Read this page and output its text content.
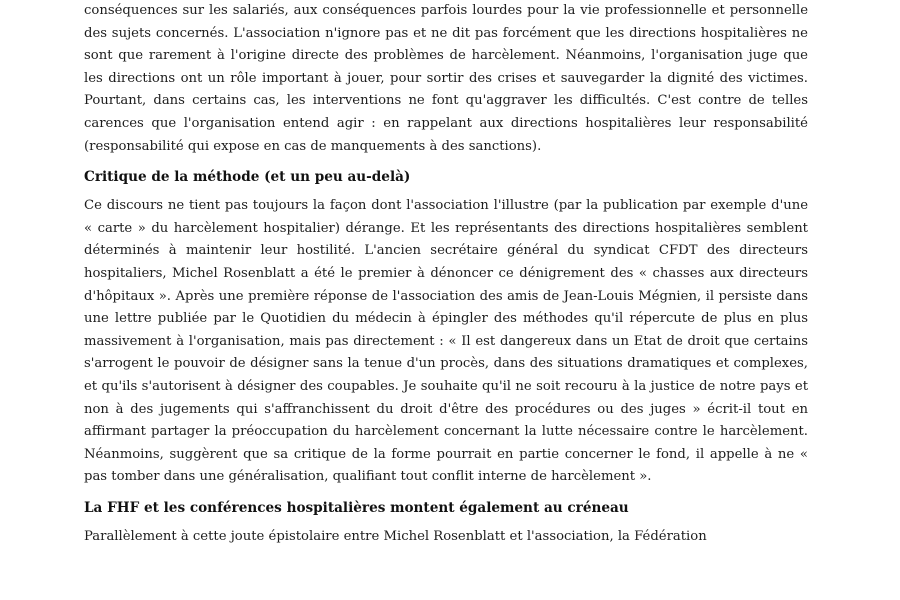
conséquences sur les salariés, aux conséquences parfois lourdes pour la vie professionnelle et personnelle des sujets concernés. L'association n'ignore pas et ne dit pas forcément que les directions hospitalières ne sont que rarement à l'origine directe des problèmes de harcèlement. Néanmoins, l'organisation juge que les directions ont un rôle important à jouer, pour sortir des crises et sauvegarder la dignité des victimes. Pourtant, dans certains cas, les interventions ne font qu'aggraver les difficultés. C'est contre de telles carences que l'organisation entend agir : en rappelant aux directions hospitalières leur responsabilité (responsabilité qui expose en cas de manquements à des sanctions).

Critique de la méthode (et un peu au-delà)

Ce discours ne tient pas toujours la façon dont l'association l'illustre (par la publication par exemple d'une « carte » du harcèlement hospitalier) dérange. Et les représentants des directions hospitalières semblent déterminés à maintenir leur hostilité. L'ancien secrétaire général du syndicat CFDT des directeurs hospitaliers, Michel Rosenblatt a été le premier à dénoncer ce dénigrement des « chasses aux directeurs d'hôpitaux ». Après une première réponse de l'association des amis de Jean-Louis Mégnien, il persiste dans une lettre publiée par le Quotidien du médecin à épingler des méthodes qu'il répercute de plus en plus massivement à l'organisation, mais pas directement : « Il est dangereux dans un Etat de droit que certains s'arrogent le pouvoir de désigner sans la tenue d'un procès, dans des situations dramatiques et complexes, et qu'ils s'autorisent à désigner des coupables. Je souhaite qu'il ne soit recouru à la justice de notre pays et non à des jugements qui s'affranchissent du droit d'être des procédures ou des juges » écrit-il tout en affirmant partager la préoccupation du harcèlement concernant la lutte nécessaire contre le harcèlement. Néanmoins, suggèrent que sa critique de la forme pourrait en partie concerner le fond, il appelle à ne « pas tomber dans une généralisation, qualifiant tout conflit interne de harcèlement ».

La FHF et les conférences hospitalières montent également au créneau

Parallèlement à cette joute épistolaire entre Michel Rosenblatt et l'association, la Fédération
